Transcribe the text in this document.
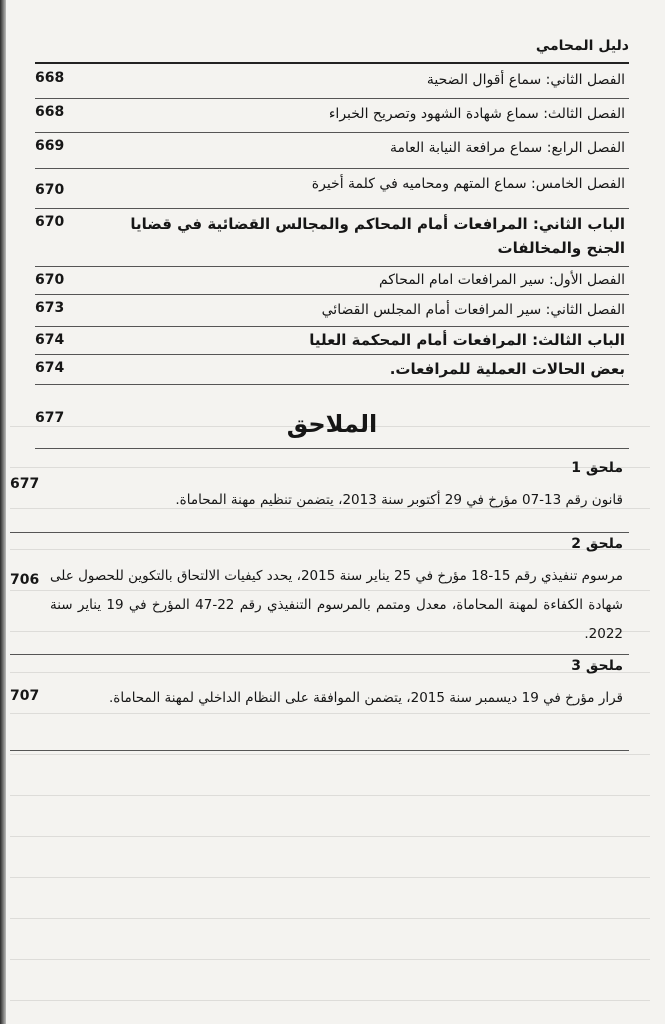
دليل المحامي
الفصل الثاني: سماع أقوال الضحية
668
الفصل الثالث: سماع شهادة الشهود وتصريح الخبراء
668
الفصل الرابع: سماع مرافعة النيابة العامة
669
الفصل الخامس: سماع المتهم ومحاميه في كلمة أخيرة
670
الباب الثاني: المرافعات أمام المحاكم والمجالس القضائية في قضايا الجنح والمخالفات
670
الفصل الأول: سير المرافعات امام المحاكم
670
الفصل الثاني: سير المرافعات أمام المجلس القضائي
673
الباب الثالث: المرافعات أمام المحكمة العليا
674
بعض الحالات العملية للمرافعات.
674
677	الملاحق
ملحق 1
قانون رقم 13-07 مؤرخ في 29 أكتوبر سنة 2013، يتضمن تنظيم مهنة المحاماة.
677
ملحق 2
مرسوم تنفيذي رقم 15-18 مؤرخ في 25 يناير سنة 2015، يحدد كيفيات الالتحاق بالتكوين للحصول على شهادة الكفاءة لمهنة المحاماة، معدل ومتمم بالمرسوم التنفيذي رقم 22-47 المؤرخ في 19 يناير سنة 2022.
706
ملحق 3
قرار مؤرخ في 19 ديسمبر سنة 2015، يتضمن الموافقة على النظام الداخلي لمهنة المحاماة.
707
